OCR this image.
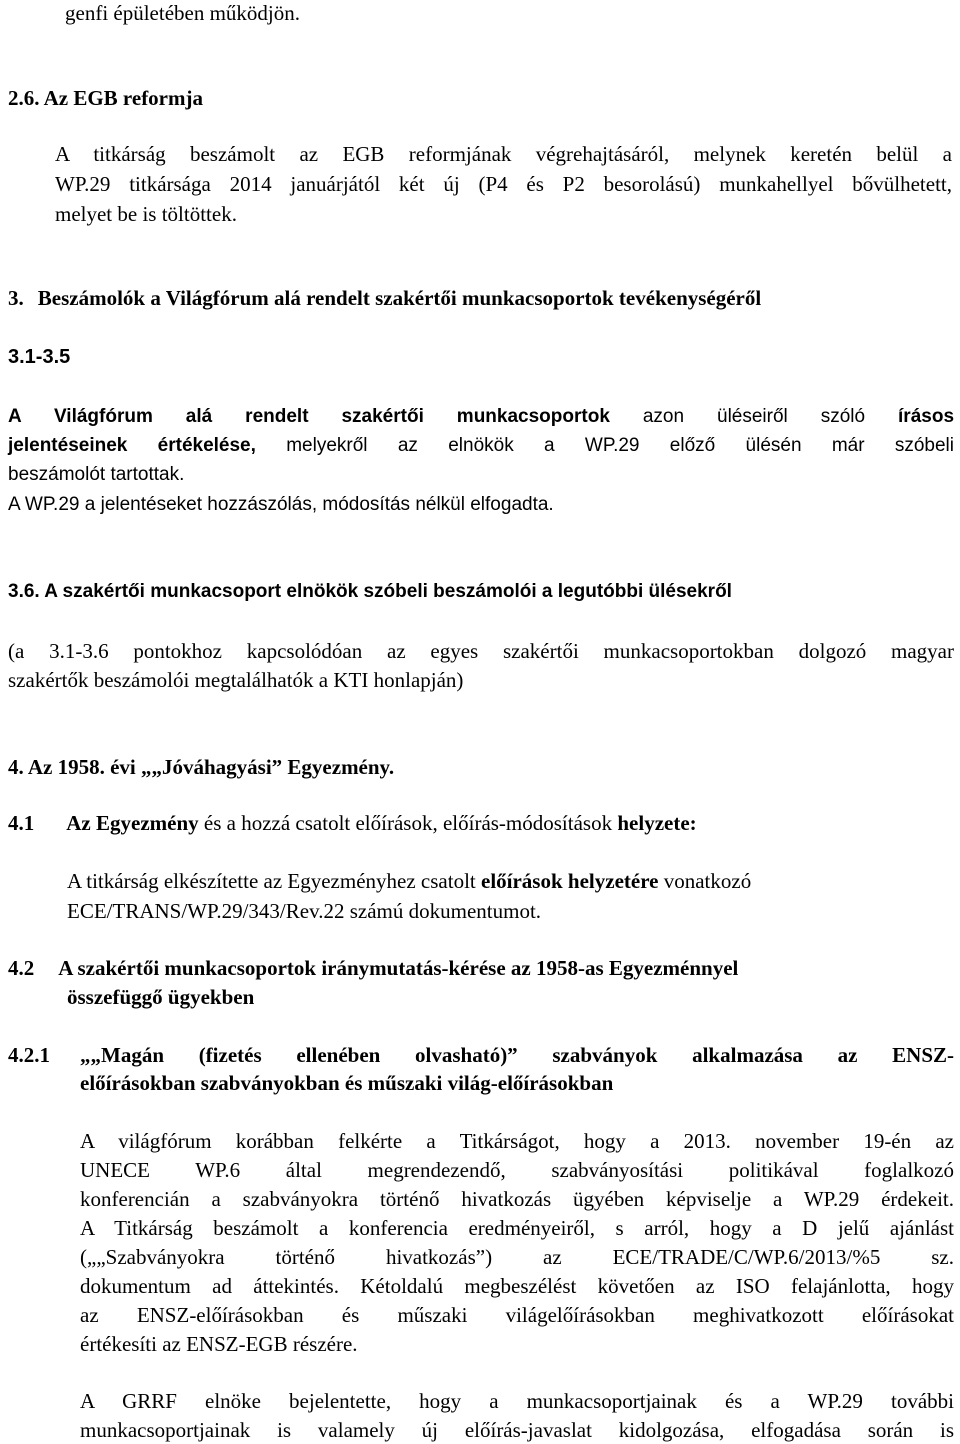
genfi épületében működjön.
2.6. Az EGB reformja
A titkárság beszámolt az EGB reformjának végrehajtásáról, melynek keretén belül a
WP.29 titkársága 2014 januárjától két új (P4 és P2 besorolású) munkahellyel bővülhetett,
melyet be is töltöttek.
3. Beszámolók a Világfórum alá rendelt szakértői munkacsoportok tevékenységéről
3.1-3.5
A Világfórum alá rendelt szakértői munkacsoportok azon üléseiről szóló írásos
jelentéseinek értékelése, melyekről az elnökök a WP.29 előző ülésén már szóbeli
beszámolót tartottak.
A WP.29 a jelentéseket hozzászólás, módosítás nélkül elfogadta.
3.6. A szakértői munkacsoport elnökök szóbeli beszámolói a legutóbbi ülésekről
(a 3.1-3.6 pontokhoz kapcsolódóan az egyes szakértői munkacsoportokban dolgozó magyar
szakértők beszámolói megtalálhatók a KTI honlapján)
4. Az 1958. évi „„Jóváhagyási” Egyezmény.
4.1 Az Egyezmény és a hozzá csatolt előírások, előírás-módosítások helyzete:
A titkárság elkészítette az Egyezményhez csatolt előírások helyzetére vonatkozó
ECE/TRANS/WP.29/343/Rev.22 számú dokumentumot.
4.2 A szakértői munkacsoportok iránymutatás-kérése az 1958-as Egyezménnyel
összefüggő ügyekben
4.2.1 „„Magán (fizetés ellenében olvasható)” szabványok alkalmazása az ENSZ-
előírásokban szabványokban és műszaki világ-előírásokban
A világfórum korábban felkérte a Titkárságot, hogy a 2013. november 19-én az
UNECE WP.6 által megrendezendő, szabványosítási politikával foglalkozó
konferencián a szabványokra történő hivatkozás ügyében képviselje a WP.29 érdekeit.
A Titkárság beszámolt a konferencia eredményeiről, s arról, hogy a D jelű ajánlást
(„„Szabványokra történő hivatkozás”) az ECE/TRADE/C/WP.6/2013/%5 sz.
dokumentum ad áttekintés. Kétoldalú megbeszélést követően az ISO felajánlotta, hogy
az ENSZ-előírásokban és műszaki világelőírásokban meghivatkozott előírásokat
értékesíti az ENSZ-EGB részére.
A GRRF elnöke bejelentette, hogy a munkacsoportjainak és a WP.29 további
munkacsoportjainak is valamely új előírás-javaslat kidolgozása, elfogadása során is
